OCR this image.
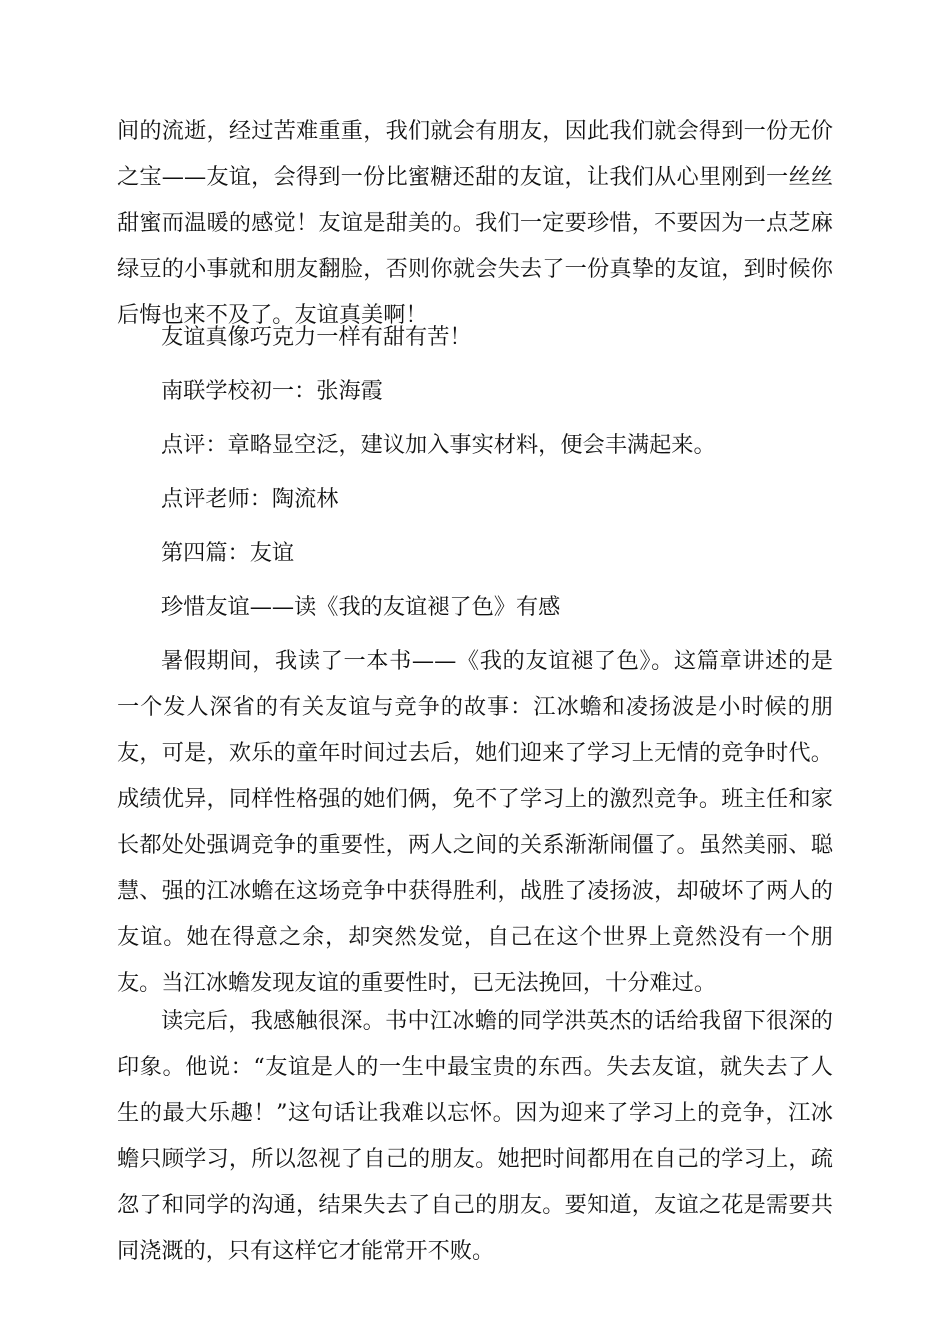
间的流逝，经过苦难重重，我们就会有朋友，因此我们就会得到一份无价
之宝——友谊，会得到一份比蜜糖还甜的友谊，让我们从心里刚到一丝丝
甜蜜而温暖的感觉！友谊是甜美的。我们一定要珍惜，不要因为一点芝麻
绿豆的小事就和朋友翻脸，否则你就会失去了一份真挚的友谊，到时候你
后悔也来不及了。友谊真美啊！
友谊真像巧克力一样有甜有苦！
南联学校初一：张海霞
点评：章略显空泛，建议加入事实材料，便会丰满起来。
点评老师：陶流林
第四篇：友谊
珍惜友谊——读《我的友谊褪了色》有感
暑假期间，我读了一本书——《我的友谊褪了色》。这篇章讲述的是
一个发人深省的有关友谊与竞争的故事：江冰蟾和凌扬波是小时候的朋
友，可是，欢乐的童年时间过去后，她们迎来了学习上无情的竞争时代。
成绩优异，同样性格强的她们俩，免不了学习上的激烈竞争。班主任和家
长都处处强调竞争的重要性，两人之间的关系渐渐闹僵了。虽然美丽、聪
慧、强的江冰蟾在这场竞争中获得胜利，战胜了凌扬波，却破坏了两人的
友谊。她在得意之余，却突然发觉，自己在这个世界上竟然没有一个朋
友。当江冰蟾发现友谊的重要性时，已无法挽回，十分难过。
读完后，我感触很深。书中江冰蟾的同学洪英杰的话给我留下很深的
印象。他说：“友谊是人的一生中最宝贵的东西。失去友谊，就失去了人
生的最大乐趣！”这句话让我难以忘怀。因为迎来了学习上的竞争，江冰
蟾只顾学习，所以忽视了自己的朋友。她把时间都用在自己的学习上，疏
忽了和同学的沟通，结果失去了自己的朋友。要知道，友谊之花是需要共
同浇溉的，只有这样它才能常开不败。
